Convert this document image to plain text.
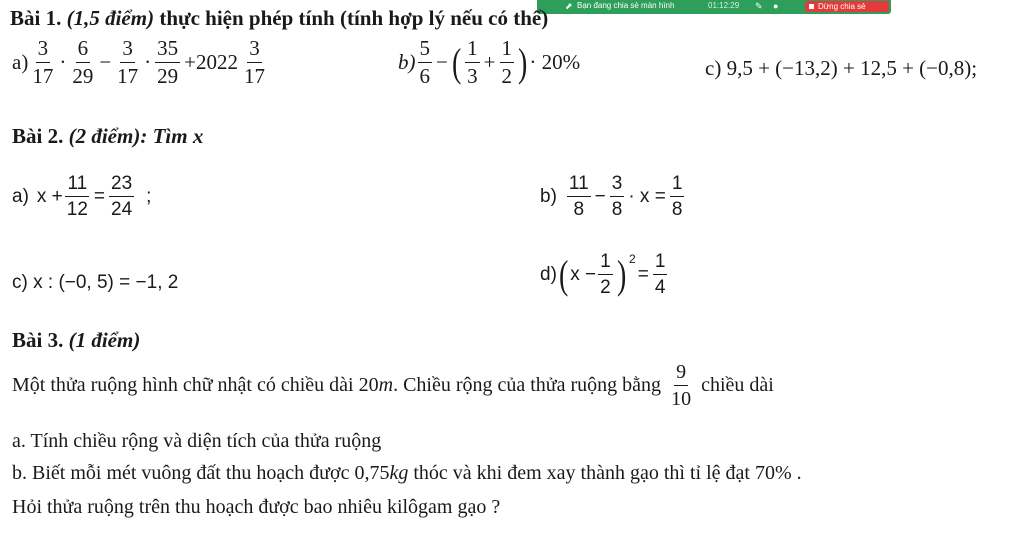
⬈ Bạn đang chia sẻ màn hình	01:12:29 ✎ ●	Dừng chia sẻ
Bài 1. (1,5 điểm) thực hiện phép tính (tính hợp lý nếu có thể)
$a) \frac{3}{17} \cdot \frac{6}{29} - \frac{3}{17} \cdot \frac{35}{29} +2022 \frac{3}{17}$	$b) \frac{5}{6}$ − ( $\frac{1}{3} + \frac{1}{2}$ ) · 20%	c) 9,5 + (−13,2) + 12,5 + (−0,8);
Bài 2. (2 điểm): Tìm x
a) $x + \frac{11}{12} = \frac{23}{24}$ ;	$b) \frac{11}{8} - \frac{3}{8} \cdot x = \frac{1}{8}$
c) x : (−0, 5) = −1, 2	d) ( $x - \frac{1}{2}$ ) 2
= $\frac{1}{4}$
Bài 3. (1 điểm)
Một thửa ruộng hình chữ nhật có chiều dài 20 m . Chiều rộng của thửa ruộng bằng $\frac{9}{10}$ chiều dài
a. Tính chiều rộng và diện tích của thửa ruộng
b. Biết mỗi mét vuông đất thu hoạch được 0,75kg thóc và khi đem xay thành gạo thì tỉ lệ đạt 70% .
Hỏi thửa ruộng trên thu hoạch được bao nhiêu kilôgam gạo ?
